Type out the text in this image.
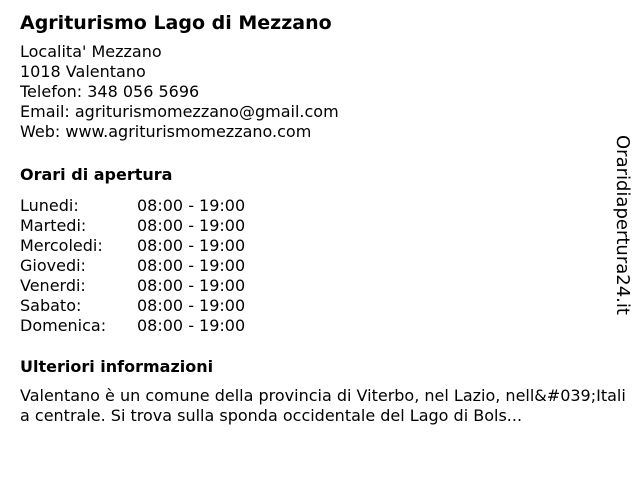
Agriturismo Lago di Mezzano
Localita' Mezzano
1018 Valentano
Telefon: 348 056 5696
Email: agriturismomezzano@gmail.com
Web: www.agriturismomezzano.com
Orari di apertura
Lunedi:	08:00 - 19:00
Martedi:	08:00 - 19:00
Mercoledi:	08:00 - 19:00
Giovedi:	08:00 - 19:00
Venerdi:	08:00 - 19:00
Sabato:	08:00 - 19:00
Domenica:	08:00 - 19:00
Ulteriori informazioni
Valentano è un comune della provincia di Viterbo, nel Lazio, nell&#039;Italia centrale. Si trova sulla sponda occidentale del Lago di Bols...
Oraridiapertura24.it
